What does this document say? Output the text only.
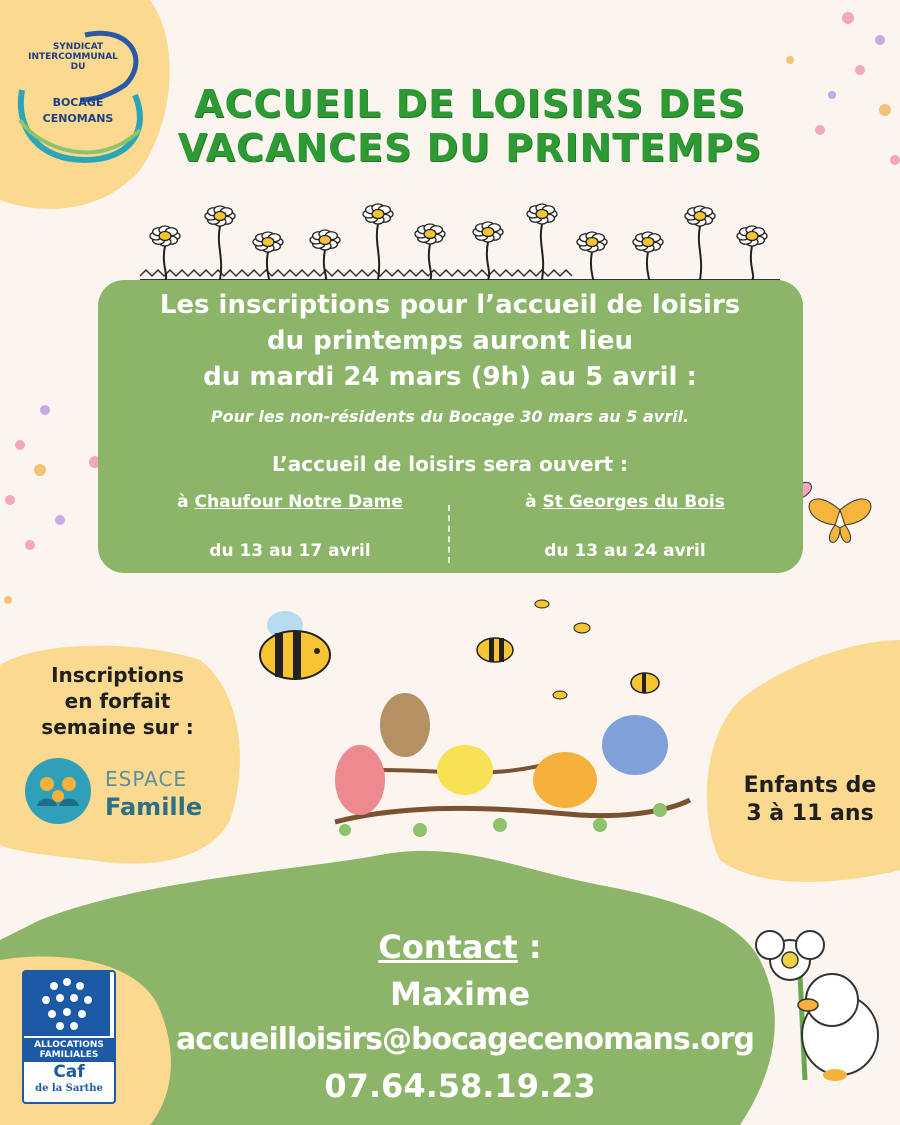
SYNDICAT
INTERCOMMUNAL
DU
BOCAGE
CENOMANS	ACCUEIL DE LOISIRS DES
VACANCES DU PRINTEMPS
Les inscriptions pour l’accueil de loisirs
du printemps auront lieu
du mardi 24 mars (9h) au 5 avril :
Pour les non-résidents du Bocage 30 mars au 5 avril.
L’accueil de loisirs sera ouvert :
à Chaufour Notre Dame	à St Georges du Bois
du 13 au 17 avril	du 13 au 24 avril
Inscriptions
en forfait
semaine sur :
ESPACE
Famille
Enfants de
3 à 11 ans
Contact :
Maxime
accueilloisirs@bocagecenomans.org
07.64.58.19.23
ALLOCATIONS FAMILIALES
Caf
de la Sarthe
